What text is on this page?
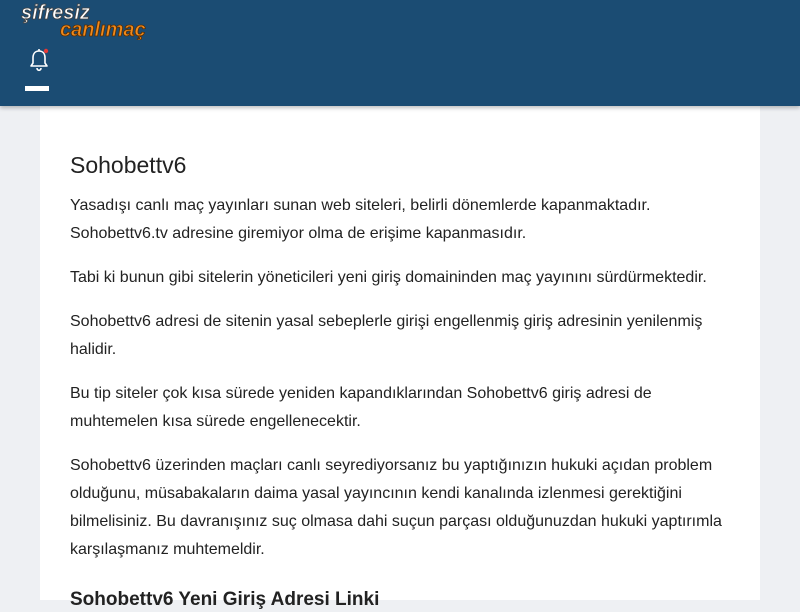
şifresiz
canlımaç
Sohobettv6

Yasadışı canlı maç yayınları sunan web siteleri, belirli dönemlerde kapanmaktadır. Sohobettv6.tv adresine giremiyor olma de erişime kapanmasıdır.

Tabi ki bunun gibi sitelerin yöneticileri yeni giriş domaininden maç yayınını sürdürmektedir.

Sohobettv6 adresi de sitenin yasal sebeplerle girişi engellenmiş giriş adresinin yenilenmiş halidir.

Bu tip siteler çok kısa sürede yeniden kapandıklarından Sohobettv6 giriş adresi de muhtemelen kısa sürede engellenecektir.

Sohobettv6 üzerinden maçları canlı seyrediyorsanız bu yaptığınızın hukuki açıdan problem olduğunu, müsabakaların daima yasal yayıncının kendi kanalında izlenmesi gerektiğini bilmelisiniz. Bu davranışınız suç olmasa dahi suçun parçası olduğunuzdan hukuki yaptırımla karşılaşmanız muhtemeldir.

Sohobettv6 Yeni Giriş Adresi Linki
